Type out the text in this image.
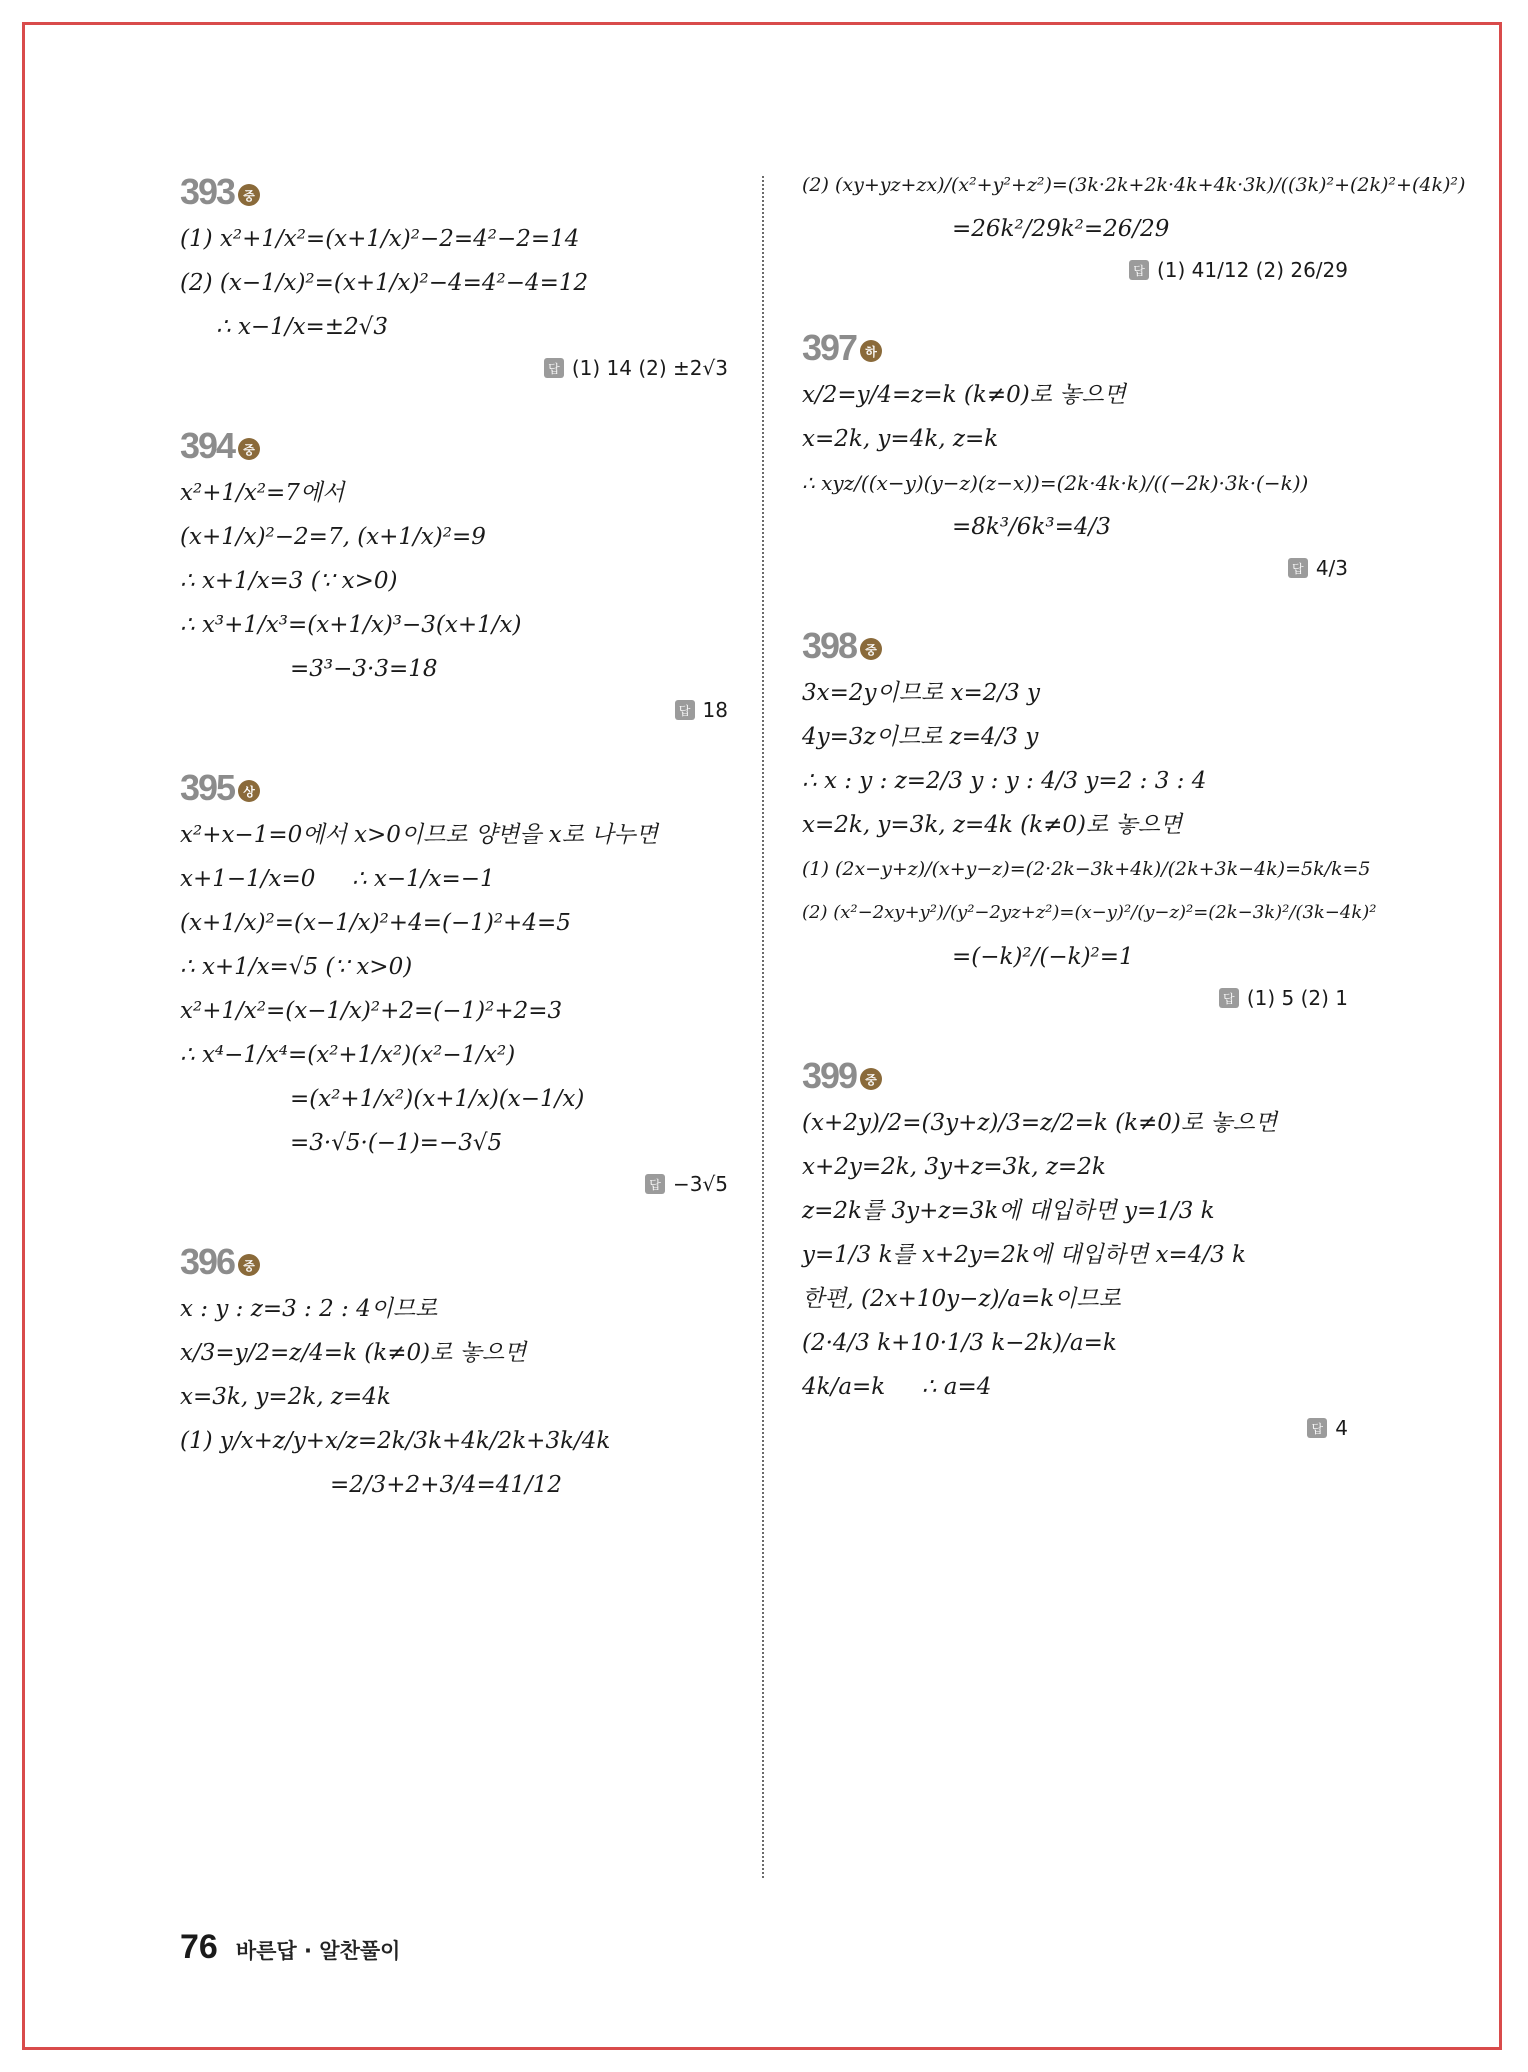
393 중
(1) x²+1/x²=(x+1/x)²−2=4²−2=14
(2) (x−1/x)²=(x+1/x)²−4=4²−4=12
∴ x−1/x=±2√3
답 (1) 14 (2) ±2√3
394 중
x²+1/x²=7에서
(x+1/x)²−2=7, (x+1/x)²=9
∴ x+1/x=3 (∵ x>0)
∴ x³+1/x³=(x+1/x)³−3(x+1/x)
=3³−3·3=18
답 18
395 상
x²+x−1=0에서 x>0이므로 양변을 x로 나누면
x+1−1/x=0     ∴ x−1/x=−1
(x+1/x)²=(x−1/x)²+4=(−1)²+4=5
∴ x+1/x=√5 (∵ x>0)
x²+1/x²=(x−1/x)²+2=(−1)²+2=3
∴ x⁴−1/x⁴=(x²+1/x²)(x²−1/x²)
=(x²+1/x²)(x+1/x)(x−1/x)
=3·√5·(−1)=−3√5
답 −3√5
396 중
x : y : z=3 : 2 : 4이므로
x/3=y/2=z/4=k (k≠0)로 놓으면
x=3k, y=2k, z=4k
(1) y/x+z/y+x/z=2k/3k+4k/2k+3k/4k
=2/3+2+3/4=41/12
(2) (xy+yz+zx)/(x²+y²+z²)=(3k·2k+2k·4k+4k·3k)/((3k)²+(2k)²+(4k)²)
=26k²/29k²=26/29
답 (1) 41/12 (2) 26/29
397 하
x/2=y/4=z=k (k≠0)로 놓으면
x=2k, y=4k, z=k
∴ xyz/((x−y)(y−z)(z−x))=(2k·4k·k)/((−2k)·3k·(−k))
=8k³/6k³=4/3
답 4/3
398 중
3x=2y이므로 x=2/3 y
4y=3z이므로 z=4/3 y
∴ x : y : z=2/3 y : y : 4/3 y=2 : 3 : 4
x=2k, y=3k, z=4k (k≠0)로 놓으면
(1) (2x−y+z)/(x+y−z)=(2·2k−3k+4k)/(2k+3k−4k)=5k/k=5
(2) (x²−2xy+y²)/(y²−2yz+z²)=(x−y)²/(y−z)²=(2k−3k)²/(3k−4k)²
=(−k)²/(−k)²=1
답 (1) 5 (2) 1
399 중
(x+2y)/2=(3y+z)/3=z/2=k (k≠0)로 놓으면
x+2y=2k, 3y+z=3k, z=2k
z=2k를 3y+z=3k에 대입하면 y=1/3 k
y=1/3 k를 x+2y=2k에 대입하면 x=4/3 k
한편, (2x+10y−z)/a=k이므로
(2·4/3 k+10·1/3 k−2k)/a=k
4k/a=k     ∴ a=4
답 4
76 바른답 · 알찬풀이
